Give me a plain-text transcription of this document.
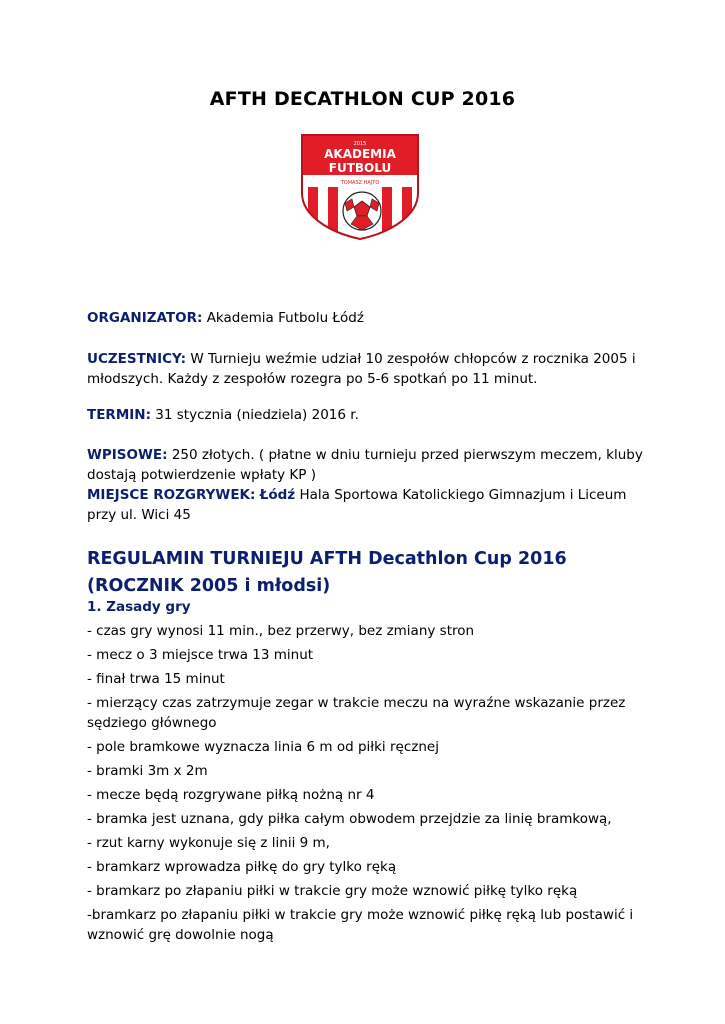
AFTH DECATHLON CUP 2016
2015
AKADEMIA
FUTBOLU
TOMASZ HAJTO
ORGANIZATOR: Akademia Futbolu Łódź
UCZESTNICY: W Turnieju weźmie udział 10 zespołów chłopców z rocznika 2005 i
młodszych. Każdy z zespołów rozegra po 5-6 spotkań po 11 minut.
TERMIN: 31 stycznia (niedziela) 2016 r.
WPISOWE: 250 złotych. ( płatne w dniu turnieju przed pierwszym meczem, kluby
dostają potwierdzenie wpłaty KP )
MIEJSCE ROZGRYWEK: Łódź Hala Sportowa Katolickiego Gimnazjum i Liceum
przy ul. Wici 45
REGULAMIN TURNIEJU AFTH Decathlon Cup 2016
(ROCZNIK 2005 i młodsi)
1. Zasady gry
- czas gry wynosi 11 min., bez przerwy, bez zmiany stron
- mecz o 3 miejsce trwa 13 minut
- finał trwa 15 minut
- mierzący czas zatrzymuje zegar w trakcie meczu na wyraźne wskazanie przez sędziego głównego
- pole bramkowe wyznacza linia 6 m od piłki ręcznej
- bramki 3m x 2m
- mecze będą rozgrywane piłką nożną nr 4
- bramka jest uznana, gdy piłka całym obwodem przejdzie za linię bramkową,
- rzut karny wykonuje się z linii 9 m,
- bramkarz wprowadza piłkę do gry tylko ręką
- bramkarz po złapaniu piłki w trakcie gry może wznowić piłkę tylko ręką
-bramkarz po złapaniu piłki w trakcie gry może wznowić piłkę ręką lub postawić i wznowić grę dowolnie nogą
